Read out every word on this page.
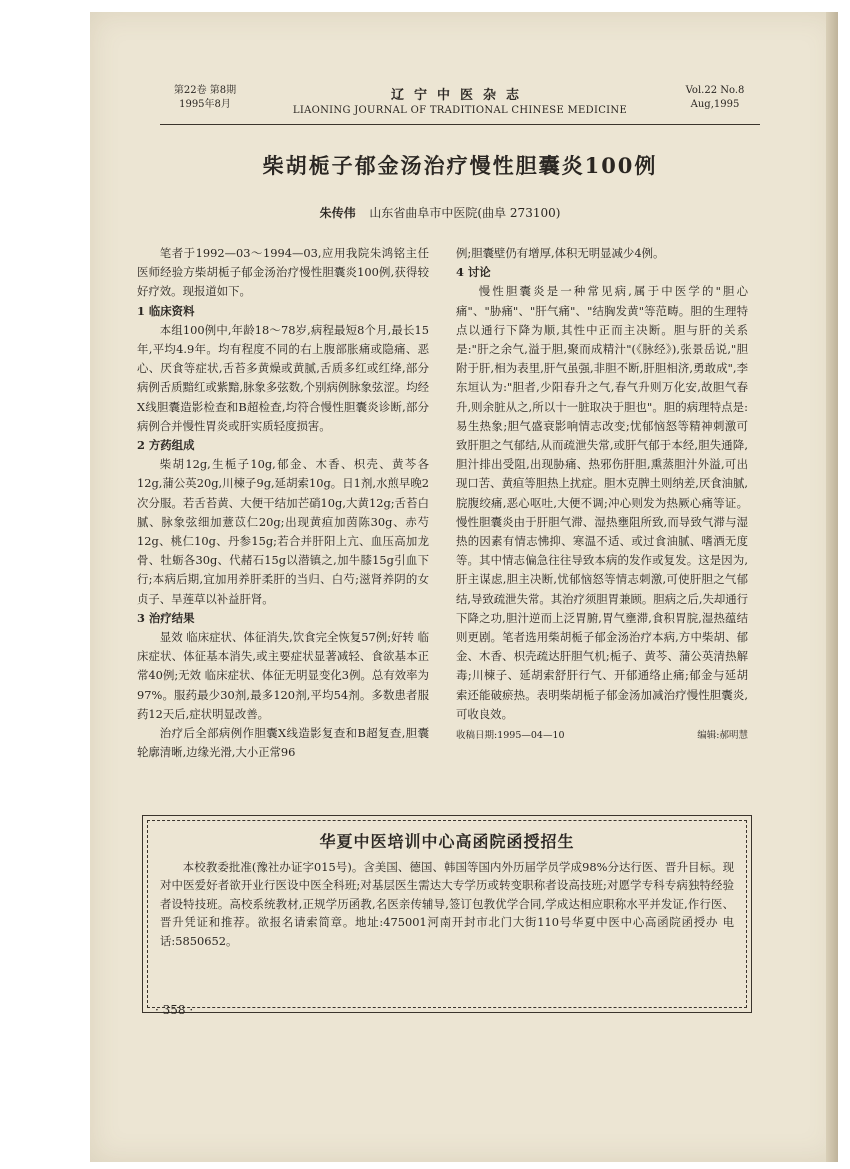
第22卷 第8期
1995年8月
辽宁中医杂志
LIAONING JOURNAL OF TRADITIONAL CHINESE MEDICINE
Vol.22 No.8
Aug,1995
柴胡栀子郁金汤治疗慢性胆囊炎100例
朱传伟 山东省曲阜市中医院(曲阜 273100)

笔者于1992—03～1994—03,应用我院朱鸿铭主任医师经验方柴胡栀子郁金汤治疗慢性胆囊炎100例,获得较好疗效。现报道如下。

1 临床资料

本组100例中,年龄18～78岁,病程最短8个月,最长15年,平均4.9年。均有程度不同的右上腹部胀痛或隐痛、恶心、厌食等症状,舌苔多黄燥或黄腻,舌质多红或红绛,部分病例舌质黯红或紫黯,脉象多弦数,个别病例脉象弦涩。均经X线胆囊造影检查和B超检查,均符合慢性胆囊炎诊断,部分病例合并慢性胃炎或肝实质轻度损害。

2 方药组成

柴胡12g,生栀子10g,郁金、木香、枳壳、黄芩各12g,蒲公英20g,川楝子9g,延胡索10g。日1剂,水煎早晚2次分服。若舌苔黄、大便干结加芒硝10g,大黄12g;舌苔白腻、脉象弦细加薏苡仁20g;出现黄疸加茵陈30g、赤芍12g、桃仁10g、丹参15g;若合并肝阳上亢、血压高加龙骨、牡蛎各30g、代赭石15g以潜镇之,加牛膝15g引血下行;本病后期,宜加用养肝柔肝的当归、白芍;滋肾养阴的女贞子、旱莲草以补益肝肾。

3 治疗结果

显效 临床症状、体征消失,饮食完全恢复57例;好转 临床症状、体征基本消失,或主要症状显著减轻、食欲基本正常40例;无效 临床症状、体征无明显变化3例。总有效率为97%。服药最少30剂,最多120剂,平均54剂。多数患者服药12天后,症状明显改善。

治疗后全部病例作胆囊X线造影复查和B超复查,胆囊轮廓清晰,边缘光滑,大小正常96

例;胆囊壁仍有增厚,体积无明显减少4例。

4 讨论

慢性胆囊炎是一种常见病,属于中医学的"胆心痛"、"胁痛"、"肝气痛"、"结胸发黄"等范畴。胆的生理特点以通行下降为顺,其性中正而主决断。胆与肝的关系是:"肝之余气,溢于胆,聚而成精汁"(《脉经》),张景岳说,"胆附于肝,相为表里,肝气虽强,非胆不断,肝胆相济,勇敢成",李东垣认为:"胆者,少阳春升之气,春气升则万化安,故胆气春升,则余脏从之,所以十一脏取决于胆也"。胆的病理特点是:易生热象;胆气盛衰影响情志改变;忧郁恼怒等精神刺激可致肝胆之气郁结,从而疏泄失常,或肝气郁于本经,胆失通降,胆汁排出受阻,出现胁痛、热邪伤肝胆,熏蒸胆汁外溢,可出现口苦、黄疸等胆热上扰症。胆木克脾土则纳差,厌食油腻,脘腹绞痛,恶心呕吐,大便不调;冲心则发为热厥心痛等证。慢性胆囊炎由于肝胆气滞、湿热壅阻所致,而导致气滞与湿热的因素有情志怫抑、寒温不适、或过食油腻、嗜酒无度等。其中情志偏急往往导致本病的发作或复发。这是因为,肝主谋虑,胆主决断,忧郁恼怒等情志刺激,可使肝胆之气郁结,导致疏泄失常。其治疗须胆胃兼顾。胆病之后,失却通行下降之功,胆汁逆而上泛胃腑,胃气壅滞,食积胃脘,湿热蕴结则更剧。笔者选用柴胡栀子郁金汤治疗本病,方中柴胡、郁金、木香、枳壳疏达肝胆气机;栀子、黄芩、蒲公英清热解毒;川楝子、延胡索舒肝行气、开郁通络止痛;郁金与延胡索还能破瘀热。表明柴胡栀子郁金汤加减治疗慢性胆囊炎,可收良效。

收稿日期:1995—04—10	编辑:郝明慧
华夏中医培训中心高函院函授招生

本校教委批准(豫社办证字015号)。含美国、德国、韩国等国内外历届学员学成98%分达行医、晋升目标。现对中医爱好者欲开业行医设中医全科班;对基层医生需达大专学历或转变职称者设高技班;对愿学专科专病独特经验者设特技班。高校系统教材,正规学历函教,名医亲传辅导,签订包教优学合同,学成达相应职称水平并发证,作行医、晋升凭证和推荐。欲报名请索简章。地址:475001河南开封市北门大街110号华夏中医中心高函院函授办 电话:5850652。

· 358 ·
